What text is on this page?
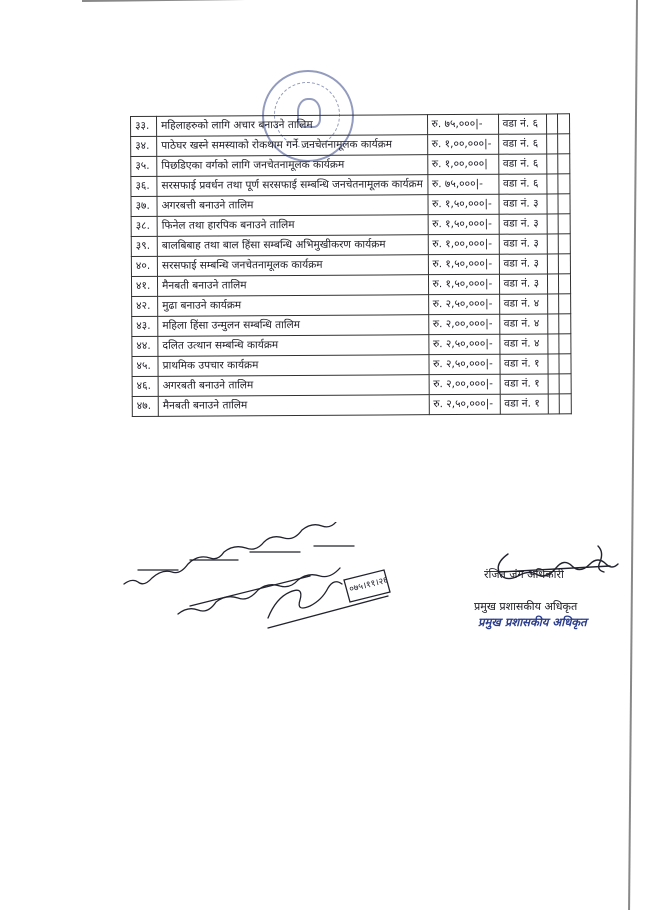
३३.	महिलाहरुको लागि अचार बनाउने तालिम	रु. ७५,०००|-	वडा नं. ६		
३४.	पाठेघर खस्ने समस्याको रोकथाम गर्ने जनचेतनामूलक कार्यक्रम	रु. १,००,०००|-	वडा नं. ६		
३५.	पिछडिएका वर्गको लागि जनचेतनामूलक कार्यक्रम	रु. १,००,०००|	वडा नं. ६		
३६.	सरसफाई प्रवर्धन तथा पूर्ण सरसफाई सम्बन्धि जनचेतनामूलक कार्यक्रम	रु. ७५,०००|-	वडा नं. ६		
३७.	अगरबत्ती बनाउने तालिम	रु. १,५०,०००|-	वडा नं. ३		
३८.	फिनेल तथा हारपिक बनाउने तालिम	रु. १,५०,०००|-	वडा नं. ३		
३९.	बालबिबाह तथा बाल हिंसा सम्बन्धि अभिमुखीकरण कार्यक्रम	रु. १,००,०००|-	वडा नं. ३		
४०.	सरसफाई सम्बन्धि जनचेतनामूलक कार्यक्रम	रु. १,५०,०००|-	वडा नं. ३		
४१.	मैनबती बनाउने तालिम	रु. १,५०,०००|-	वडा नं. ३		
४२.	मुढा बनाउने कार्यक्रम	रु. २,५०,०००|-	वडा नं. ४		
४३.	महिला हिंसा उन्मुलन सम्बन्धि तालिम	रु. २,००,०००|-	वडा नं. ४		
४४.	दलित उत्थान सम्बन्धि कार्यक्रम	रु. २,५०,०००|-	वडा नं. ४		
४५.	प्राथमिक उपचार कार्यक्रम	रु. २,५०,०००|-	वडा नं. १		
४६.	अगरबती बनाउने तालिम	रु. २,००,०००|-	वडा नं. १		
४७.	मैनबती बनाउने तालिम	रु. २,५०,०००|-	वडा नं. १		
०७५।११।२६
श्री सूचना प्रविधि अधिकृत Website मा upload गर्नु होला
रंजित जंग अधिकारी
प्रमुख प्रशासकीय अधिकृत
प्रमुख प्रशासकीय अधिकृत
